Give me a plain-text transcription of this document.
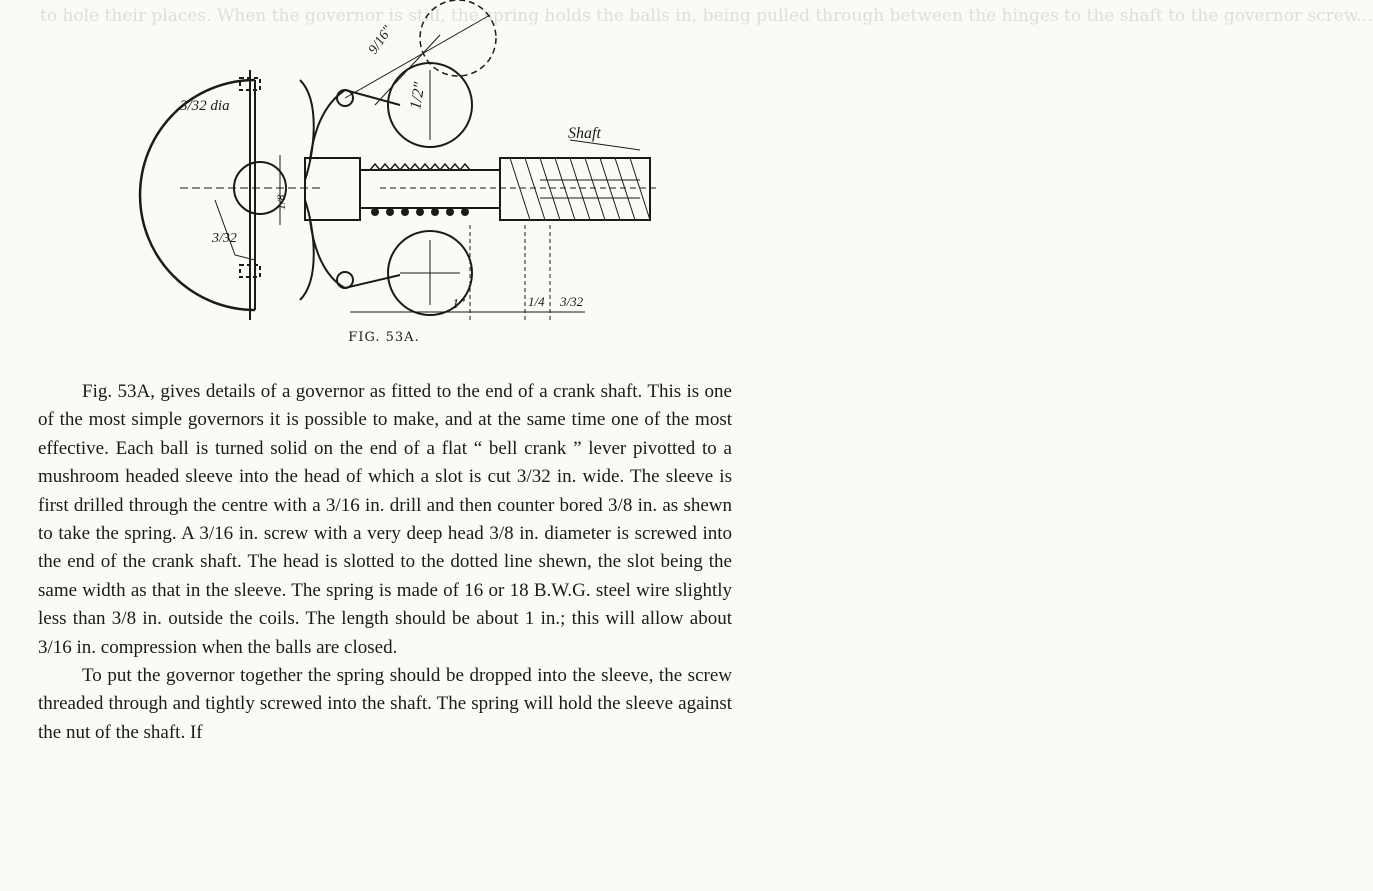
to hole their places. When the governor is still, the spring holds the balls in, being pulled through between the hinges to the shaft to the governor screw...
3/32 dia
9/16"
1/2"
Shaft
3/32
1/8
1"	1/4 3/32
FIG. 53A.

Fig. 53A, gives details of a governor as fitted to the end of a crank shaft. This is one of the most simple governors it is possible to make, and at the same time one of the most effective. Each ball is turned solid on the end of a flat “ bell crank ” lever pivotted to a mushroom headed sleeve into the head of which a slot is cut 3/32 in. wide. The sleeve is first drilled through the centre with a 3/16 in. drill and then counter bored 3/8 in. as shewn to take the spring. A 3/16 in. screw with a very deep head 3/8 in. diameter is screwed into the end of the crank shaft. The head is slotted to the dotted line shewn, the slot being the same width as that in the sleeve. The spring is made of 16 or 18 B.W.G. steel wire slightly less than 3/8 in. outside the coils. The length should be about 1 in.; this will allow about 3/16 in. compression when the balls are closed.

To put the governor together the spring should be dropped into the sleeve, the screw threaded through and tightly screwed into the shaft. The spring will hold the sleeve against the nut of the shaft. If
